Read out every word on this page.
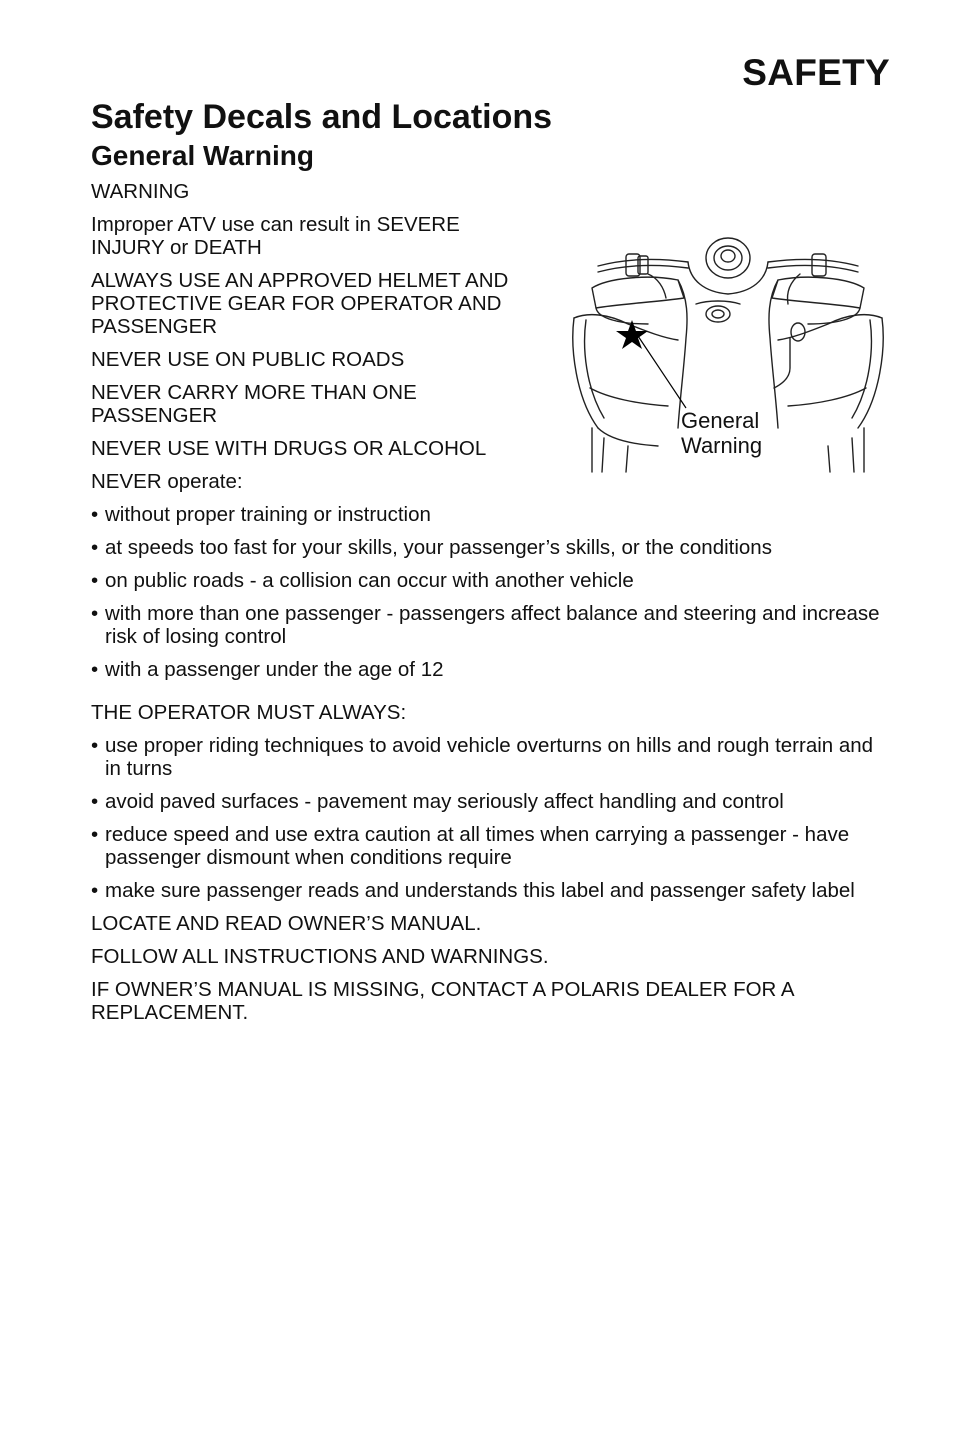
SAFETY
Safety Decals and Locations
General Warning

WARNING

Improper ATV use can result in SEVERE INJURY or DEATH

ALWAYS USE AN APPROVED HELMET AND PROTECTIVE GEAR FOR OPERATOR AND PASSENGER

NEVER USE ON PUBLIC ROADS

NEVER CARRY MORE THAN ONE PASSENGER

NEVER USE WITH DRUGS OR ALCOHOL

NEVER operate:

• without proper training or instruction
• at speeds too fast for your skills, your passenger’s skills, or the conditions
• on public roads - a collision can occur with another vehicle
• with more than one passenger - passengers affect balance and steering and increase risk of losing control
• with a passenger under the age of 12

THE OPERATOR MUST ALWAYS:

• use proper riding techniques to avoid vehicle overturns on hills and rough terrain and in turns
• avoid paved surfaces - pavement may seriously affect handling and control
• reduce speed and use extra caution at all times when carrying a passenger - have passenger dismount when conditions require
• make sure passenger reads and understands this label and passenger safety label

LOCATE AND READ OWNER’S MANUAL.

FOLLOW ALL INSTRUCTIONS AND WARNINGS.

IF OWNER’S MANUAL IS MISSING, CONTACT A POLARIS DEALER FOR A REPLACEMENT.

General
Warning
